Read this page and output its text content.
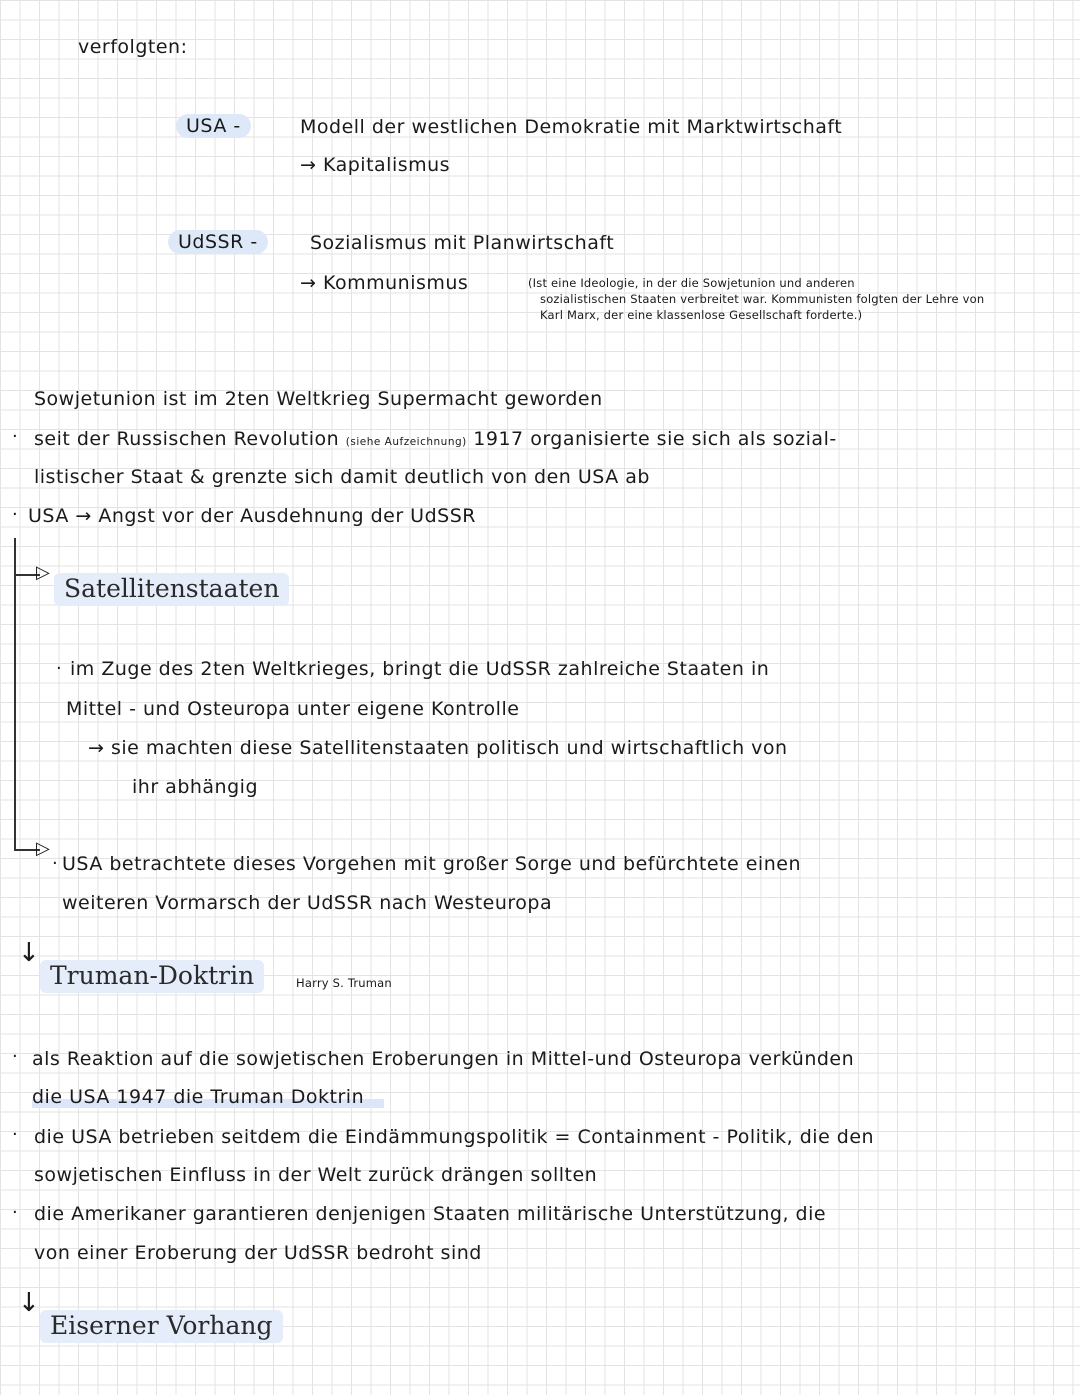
verfolgten:
USA -	Modell der westlichen Demokratie mit Marktwirtschaft
→ Kapitalismus
UdSSR -	Sozialismus mit Planwirtschaft
→ Kommunismus	(Ist eine Ideologie, in der die Sowjetunion und anderen
sozialistischen Staaten verbreitet war. Kommunisten folgten der Lehre von
Karl Marx, der eine klassenlose Gesellschaft forderte.)
Sowjetunion ist im 2ten Weltkrieg Supermacht geworden
· seit der Russischen Revolution (siehe Aufzeichnung) 1917 organisierte sie sich als sozial-
listischer Staat & grenzte sich damit deutlich von den USA ab
· USA → Angst vor der Ausdehnung der UdSSR
▷
▷
Satellitenstaaten
· im Zuge des 2ten Weltkrieges, bringt die UdSSR zahlreiche Staaten in
Mittel - und Osteuropa unter eigene Kontrolle
→ sie machten diese Satellitenstaaten politisch und wirtschaftlich von
ihr abhängig
· USA betrachtete dieses Vorgehen mit großer Sorge und befürchtete einen
weiteren Vormarsch der UdSSR nach Westeuropa
↓
Truman-Doktrin	Harry S. Truman
· als Reaktion auf die sowjetischen Eroberungen in Mittel-und Osteuropa verkünden
die USA 1947 die Truman Doktrin
· die USA betrieben seitdem die Eindämmungspolitik = Containment - Politik, die den
sowjetischen Einfluss in der Welt zurück drängen sollten
· die Amerikaner garantieren denjenigen Staaten militärische Unterstützung, die
von einer Eroberung der UdSSR bedroht sind
↓
Eiserner Vorhang
